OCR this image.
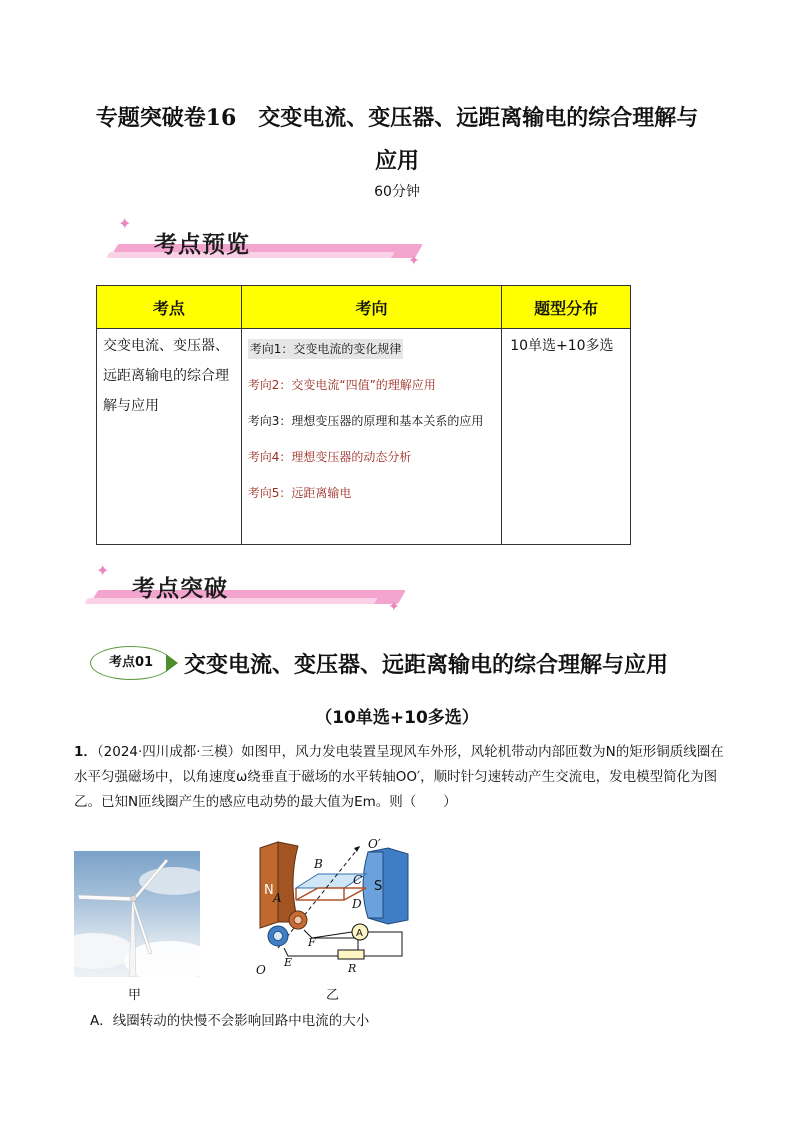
专题突破卷16　交变电流、变压器、远距离输电的综合理解与
应用
60分钟
考点预览
✦
✦
考点	考向	题型分布
交变电流、变压器、远距离输电的综合理解与应用	考向1：交变电流的变化规律
考向2：交变电流“四值”的理解应用
考向3：理想变压器的原理和基本关系的应用
考向4：理想变压器的动态分析
考向5：远距离输电	10单选+10多选
考点突破
✦
✦
考点01	交变电流、变压器、远距离输电的综合理解与应用
（10单选+10多选）
1．（2024·四川成都·三模）如图甲，风力发电装置呈现风车外形，风轮机带动内部匝数为N的矩形铜质线圈在水平匀强磁场中，以角速度ω绕垂直于磁场的水平转轴OO′，顺时针匀速转动产生交流电，发电模型简化为图乙。已知N匝线圈产生的感应电动势的最大值为Em。则（　　）
甲
N	S
A
A
B
C
D
F
E	R
O
O′
乙
A．线圈转动的快慢不会影响回路中电流的大小
